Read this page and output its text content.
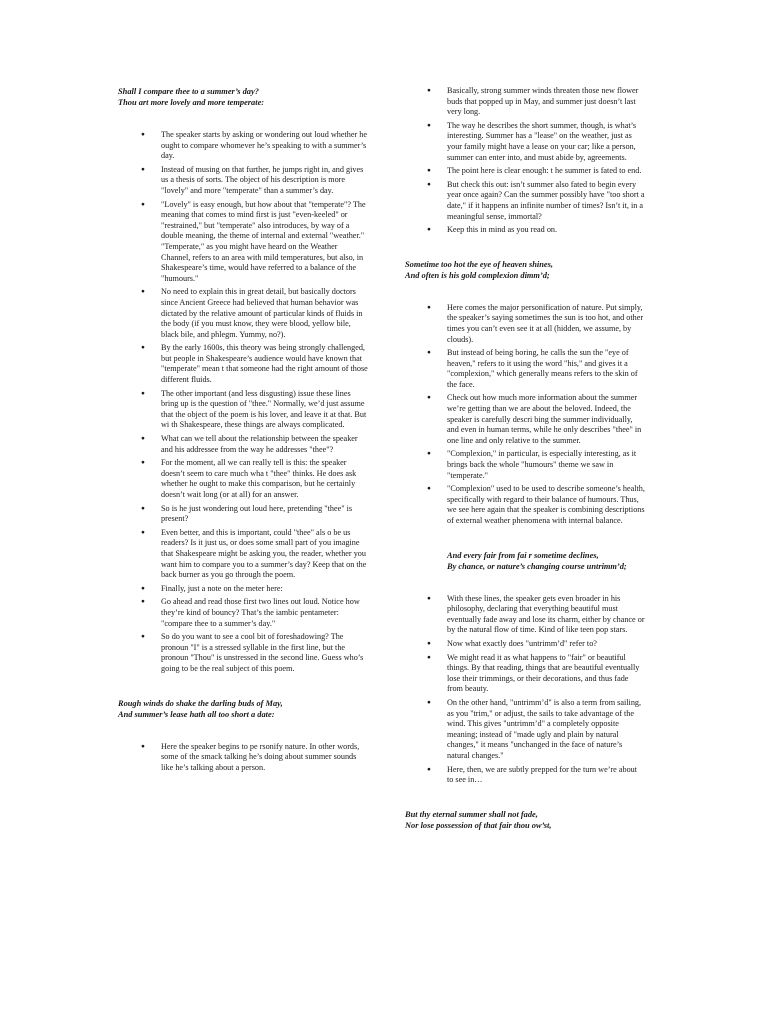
Shall I compare thee to a summer’s day?
Thou art more lovely and more temperate:

● The speaker starts by asking or wondering out loud whether he ought to compare whomever he’s speaking to with a summer’s day.
● Instead of musing on that further, he jumps right in, and gives us a thesis of sorts. The object of his description is more "lovely" and more "temperate" than a summer’s day.
● "Lovely" is easy enough, but how about that "temperate"? The meaning that comes to mind first is just "even-keeled" or "restrained," but "temperate" also introduces, by way of a double meaning, the theme of internal and external "weather." "Temperate," as you might have heard on the Weather Channel, refers to an area with mild temperatures, but also, in Shakespeare’s time, would have referred to a balance of the "humours."
● No need to explain this in great detail, but basically doctors since Ancient Greece had believed that human behavior was dictated by the relative amount of particular kinds of fluids in the body (if you must know, they were blood, yellow bile, black bile, and phlegm. Yummy, no?).
● By the early 1600s, this theory was being strongly challenged, but people in Shakespeare’s audience would have known that "temperate" mean t that someone had the right amount of those different fluids.
● The other important (and less disgusting) issue these lines bring up is the question of "thee." Normally, we’d just assume that the object of the poem is his lover, and leave it at that. But wi th Shakespeare, these things are always complicated.
● What can we tell about the relationship between the speaker and his addressee from the way he addresses "thee"?
● For the moment, all we can really tell is this: the speaker doesn’t seem to care much wha t "thee" thinks. He does ask whether he ought to make this comparison, but he certainly doesn’t wait long (or at all) for an answer.
● So is he just wondering out loud here, pretending "thee" is present?
● Even better, and this is important, could "thee" als o be us readers? Is it just us, or does some small part of you imagine that Shakespeare might be asking you, the reader, whether you want him to compare you to a summer’s day? Keep that on the back burner as you go through the poem.
● Finally, just a note on the meter here:
● Go ahead and read those first two lines out loud. Notice how they’re kind of bouncy? That’s the iambic pentameter: "compare thee to a summer’s day."
● So do you want to see a cool bit of foreshadowing? The pronoun "I" is a stressed syllable in the first line, but the pronoun "Thou" is unstressed in the second line. Guess who’s going to be the real subject of this poem.

Rough winds do shake the darling buds of May,
And summer’s lease hath all too short a date:

● Here the speaker begins to pe rsonify nature. In other words, some of the smack talking he’s doing about summer sounds like he’s talking about a person.
● Basically, strong summer winds threaten those new flower buds that popped up in May, and summer just doesn’t last very long.
● The way he describes the short summer, though, is what’s interesting. Summer has a "lease" on the weather, just as your family might have a lease on your car; like a person, summer can enter into, and must abide by, agreements.
● The point here is clear enough: t he summer is fated to end.
● But check this out: isn’t summer also fated to begin every year once again? Can the summer possibly have "too short a date," if it happens an infinite number of times? Isn’t it, in a meaningful sense, immortal?
● Keep this in mind as you read on.

Sometime too hot the eye of heaven shines,
And often is his gold complexion dimm’d;

● Here comes the major personification of nature. Put simply, the speaker’s saying sometimes the sun is too hot, and other times you can’t even see it at all (hidden, we assume, by clouds).
● But instead of being boring, he calls the sun the "eye of heaven," refers to it using the word "his," and gives it a "complexion," which generally means refers to the skin of the face.
● Check out how much more information about the summer we’re getting than we are about the beloved. Indeed, the speaker is carefully descri bing the summer individually, and even in human terms, while he only describes "thee" in one line and only relative to the summer.
● "Complexion," in particular, is especially interesting, as it brings back the whole "humours" theme we saw in "temperate."
● "Complexion" used to be used to describe someone’s health, specifically with regard to their balance of humours. Thus, we see here again that the speaker is combining descriptions of external weather phenomena with internal balance.

And every fair from fai r sometime declines,
By chance, or nature’s changing course untrimm’d;

● With these lines, the speaker gets even broader in his philosophy, declaring that everything beautiful must eventually fade away and lose its charm, either by chance or by the natural flow of time. Kind of like teen pop stars.
● Now what exactly does "untrimm’d" refer to?
● We might read it as what happens to "fair" or beautiful things. By that reading, things that are beautiful eventually lose their trimmings, or their decorations, and thus fade from beauty.
● On the other hand, "untrimm’d" is also a term from sailing, as you "trim," or adjust, the sails to take advantage of the wind. This gives "untrimm’d" a completely opposite meaning; instead of "made ugly and plain by natural changes," it means "unchanged in the face of nature’s natural changes."
● Here, then, we are subtly prepped for the turn we’re about to see in…

But thy eternal summer shall not fade,
Nor lose possession of that fair thou ow’st,
